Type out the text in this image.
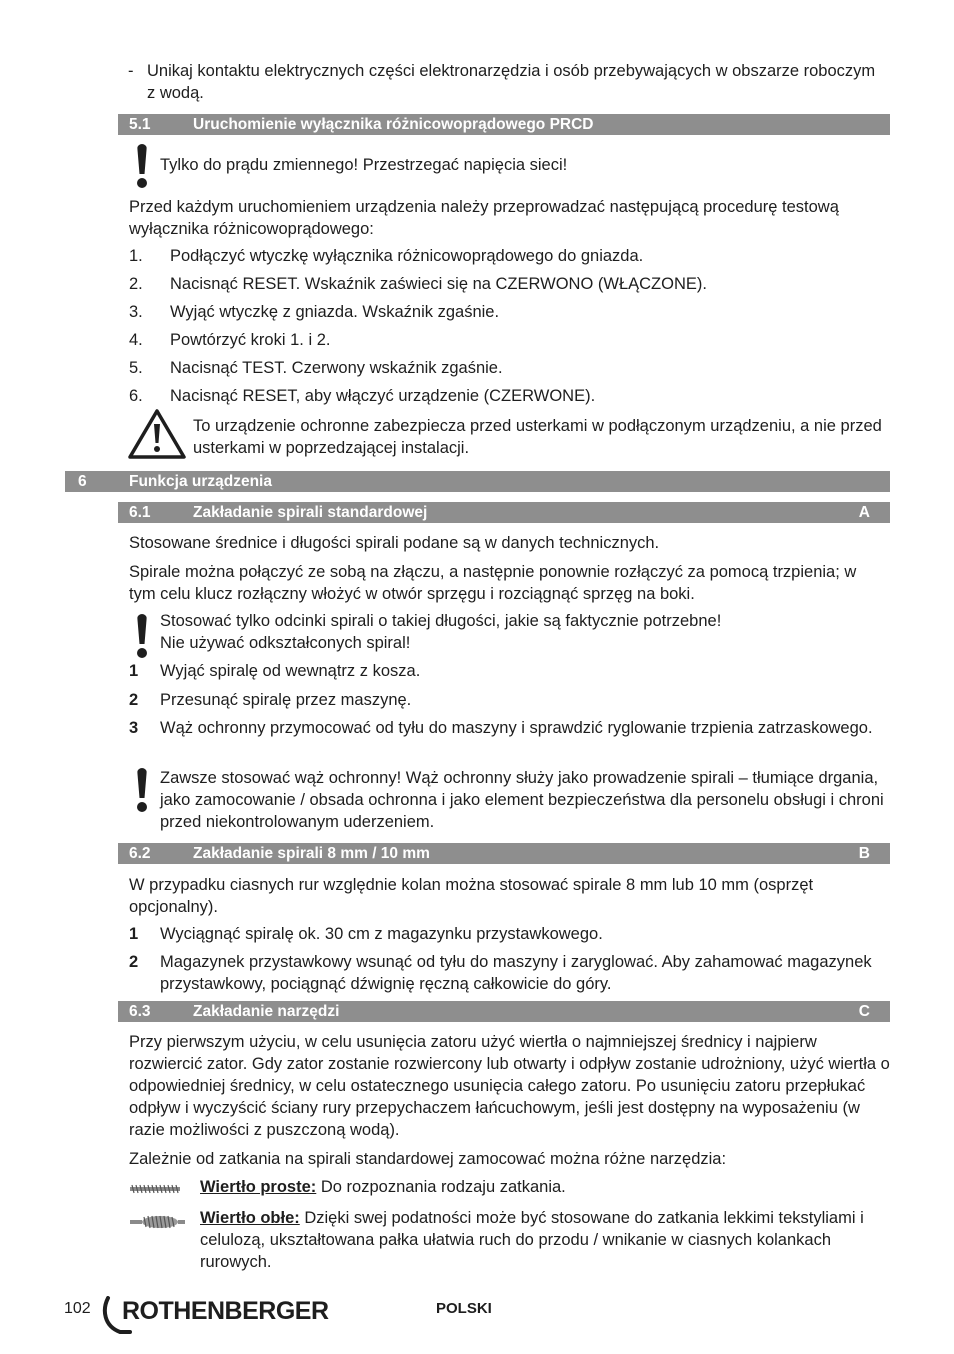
- Unikaj kontaktu elektrycznych części elektronarzędzia i osób przebywających w obszarze roboczym z wodą.
5.1	Uruchomienie wyłącznika różnicowoprądowego PRCD
Tylko do prądu zmiennego! Przestrzegać napięcia sieci!
Przed każdym uruchomieniem urządzenia należy przeprowadzać następującą procedurę testową wyłącznika różnicowoprądowego:
1. Podłączyć wtyczkę wyłącznika różnicowoprądowego do gniazda.
2. Nacisnąć RESET. Wskaźnik zaświeci się na CZERWONO (WŁĄCZONE).
3. Wyjąć wtyczkę z gniazda. Wskaźnik zgaśnie.
4. Powtórzyć kroki 1. i 2.
5. Nacisnąć TEST. Czerwony wskaźnik zgaśnie.
6. Nacisnąć RESET, aby włączyć urządzenie (CZERWONE).
To urządzenie ochronne zabezpiecza przed usterkami w podłączonym urządzeniu, a nie przed usterkami w poprzedzającej instalacji.
6	Funkcja urządzenia
6.1	Zakładanie spirali standardowej	A
Stosowane średnice i długości spirali podane są w danych technicznych.
Spirale można połączyć ze sobą na złączu, a następnie ponownie rozłączyć za pomocą trzpienia; w tym celu klucz rozłączny włożyć w otwór sprzęgu i rozciągnąć sprzęg na boki.
Stosować tylko odcinki spirali o takiej długości, jakie są faktycznie potrzebne!
Nie używać odkształconych spiral!
1 Wyjąć spiralę od wewnątrz z kosza.
2 Przesunąć spiralę przez maszynę.
3 Wąż ochronny przymocować od tyłu do maszyny i sprawdzić ryglowanie trzpienia zatrzaskowego.
Zawsze stosować wąż ochronny! Wąż ochronny służy jako prowadzenie spirali – tłumiące drgania, jako zamocowanie / obsada ochronna i jako element bezpieczeństwa dla personelu obsługi i chroni przed niekontrolowanym uderzeniem.
6.2	Zakładanie spirali 8 mm / 10 mm	B
W przypadku ciasnych rur względnie kolan można stosować spirale 8 mm lub 10 mm (osprzęt opcjonalny).
1 Wyciągnąć spiralę ok. 30 cm z magazynku przystawkowego.
2 Magazynek przystawkowy wsunąć od tyłu do maszyny i zaryglować. Aby zahamować magazynek przystawkowy, pociągnąć dźwignię ręczną całkowicie do góry.
6.3	Zakładanie narzędzi	C
Przy pierwszym użyciu, w celu usunięcia zatoru użyć wiertła o najmniejszej średnicy i najpierw rozwiercić zator. Gdy zator zostanie rozwiercony lub otwarty i odpływ zostanie udrożniony, użyć wiertła o odpowiedniej średnicy, w celu ostatecznego usunięcia całego zatoru. Po usunięciu zatoru przepłukać odpływ i wyczyścić ściany rury przepychaczem łańcuchowym, jeśli jest dostępny na wyposażeniu (w razie możliwości z puszczoną wodą).
Zależnie od zatkania na spirali standardowej zamocować można różne narzędzia:
Wiertło proste: Do rozpoznania rodzaju zatkania.
Wiertło obłe: Dzięki swej podatności może być stosowane do zatkania lekkimi tekstyliami i celulozą, ukształtowana pałka ułatwia ruch do przodu / wnikanie w ciasnych kolankach rurowych.
102 ROTHENBERGER	POLSKI
